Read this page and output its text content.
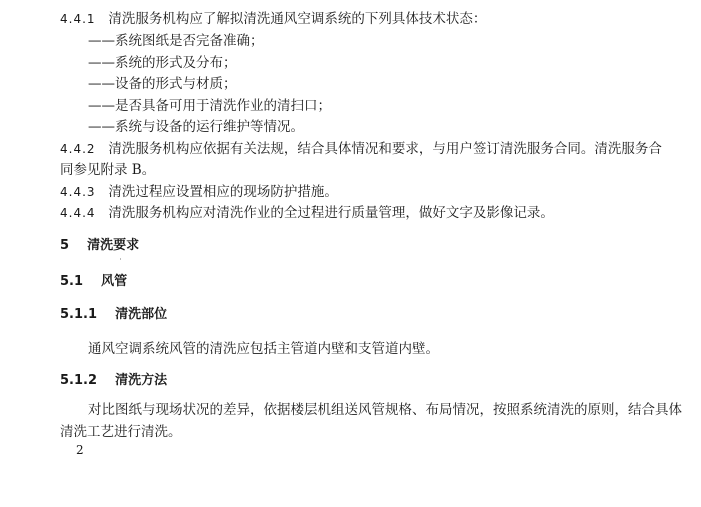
4.4.1 清洗服务机构应了解拟清洗通风空调系统的下列具体技术状态：
——系统图纸是否完备准确；
——系统的形式及分布；
——设备的形式与材质；
——是否具备可用于清洗作业的清扫口；
——系统与设备的运行维护等情况。
4.4.2 清洗服务机构应依据有关法规，结合具体情况和要求，与用户签订清洗服务合同。清洗服务合
同参见附录 B。
4.4.3 清洗过程应设置相应的现场防护措施。
4.4.4 清洗服务机构应对清洗作业的全过程进行质量管理，做好文字及影像记录。
5 清洗要求
5.1 风管
5.1.1 清洗部位
通风空调系统风管的清洗应包括主管道内壁和支管道内壁。
5.1.2 清洗方法
对比图纸与现场状况的差异，依据楼层机组送风管规格、布局情况，按照系统清洗的原则，结合具体
清洗工艺进行清洗。
2
